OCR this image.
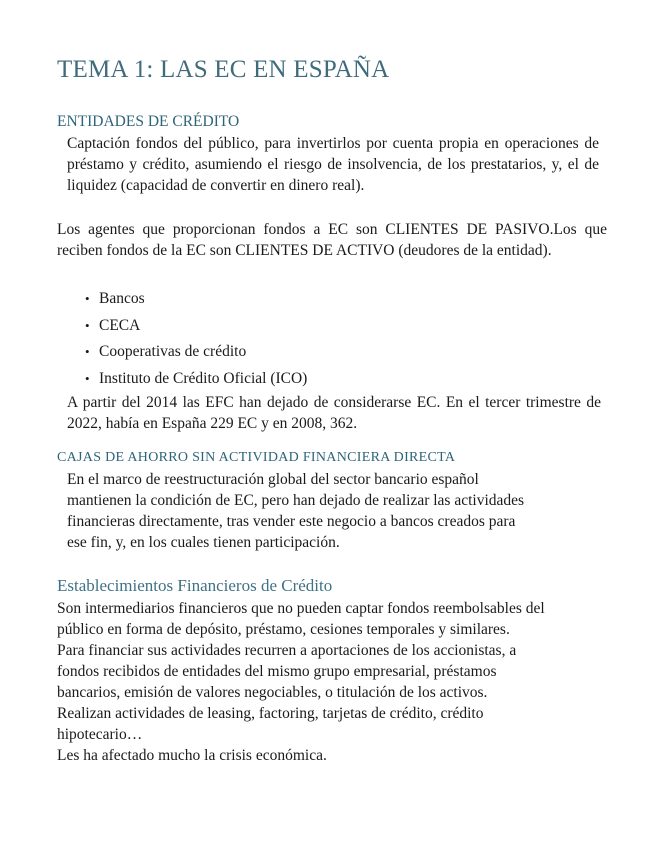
TEMA 1: LAS EC EN ESPAÑA
ENTIDADES DE CRÉDITO

Captación fondos del público, para invertirlos por cuenta propia en operaciones de préstamo y crédito, asumiendo el riesgo de insolvencia, de los prestatarios, y, el de liquidez (capacidad de convertir en dinero real).

Los agentes que proporcionan fondos a EC son CLIENTES DE PASIVO.Los que reciben fondos de la EC son CLIENTES DE ACTIVO (deudores de la entidad).

• Bancos
• CECA
• Cooperativas de crédito
• Instituto de Crédito Oficial (ICO)

A partir del 2014 las EFC han dejado de considerarse EC. En el tercer trimestre de 2022, había en España 229 EC y en 2008, 362.

CAJAS DE AHORRO SIN ACTIVIDAD FINANCIERA DIRECTA

En el marco de reestructuración global del sector bancario español
mantienen la condición de EC, pero han dejado de realizar las actividades
financieras directamente, tras vender este negocio a bancos creados para
ese fin, y, en los cuales tienen participación.

Establecimientos Financieros de Crédito

Son intermediarios financieros que no pueden captar fondos reembolsables del
público en forma de depósito, préstamo, cesiones temporales y similares.
Para financiar sus actividades recurren a aportaciones de los accionistas, a
fondos recibidos de entidades del mismo grupo empresarial, préstamos
bancarios, emisión de valores negociables, o titulación de los activos.
Realizan actividades de leasing, factoring, tarjetas de crédito, crédito
hipotecario…
Les ha afectado mucho la crisis económica.
